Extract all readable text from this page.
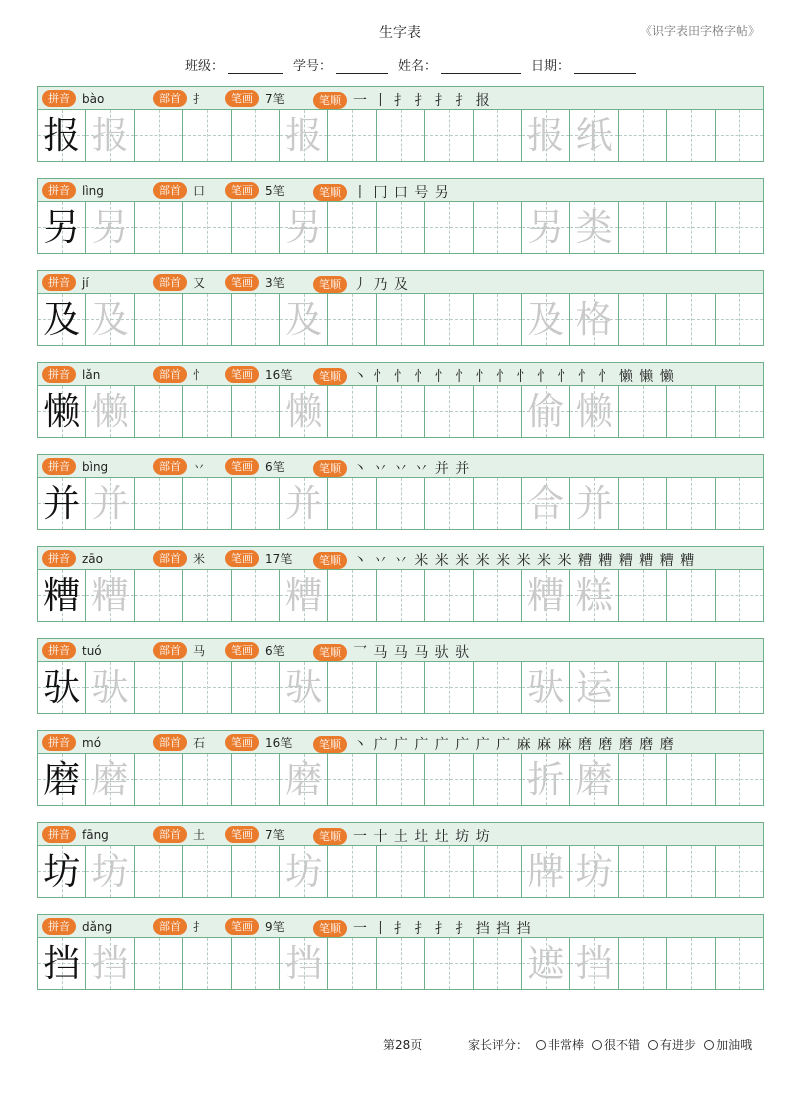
生字表	《识字表田字格字帖》
班级：	学号：	姓名：	日期：
拼音	bào	部首	扌	笔画	7笔	笔顺 一 丨 扌 扌 扌 扌 报
报 报	报	报 纸
拼音	lìng	部首	口	笔画	5笔	笔顺 丨 冂 口 号 另
另 另	另	另 类
拼音	jí	部首	又	笔画	3笔	笔顺 丿 乃 及
及 及	及	及 格
拼音	lǎn	部首	忄	笔画	16笔	笔顺 丶 忄 忄 忄 忄 忄 忄 忄 忄 忄 忄 忄 忄 懒 懒 懒
懒 懒	懒	偷 懒
拼音	bìng	部首	丷	笔画	6笔	笔顺 丶 丷 丷 丷 并 并
并 并	并	合 并
拼音	zāo	部首	米	笔画	17笔	笔顺 丶 丷 丷 米 米 米 米 米 米 米 米 糟 糟 糟 糟 糟 糟
糟 糟	糟	糟 糕
拼音	tuó	部首	马	笔画	6笔	笔顺 乛 马 马 马 驮 驮
驮 驮	驮	驮 运
拼音	mó	部首	石	笔画	16笔	笔顺 丶 广 广 广 广 广 广 广 麻 麻 麻 磨 磨 磨 磨 磨
磨 磨	磨	折 磨
拼音	fāng	部首	土	笔画	7笔	笔顺 一 十 土 圵 圵 坊 坊
坊 坊	坊	牌 坊
拼音	dǎng	部首	扌	笔画	9笔	笔顺 一 丨 扌 扌 扌 扌 挡 挡 挡
挡 挡	挡	遮 挡
第28页	家长评分： 非常棒 很不错 有进步 加油哦
